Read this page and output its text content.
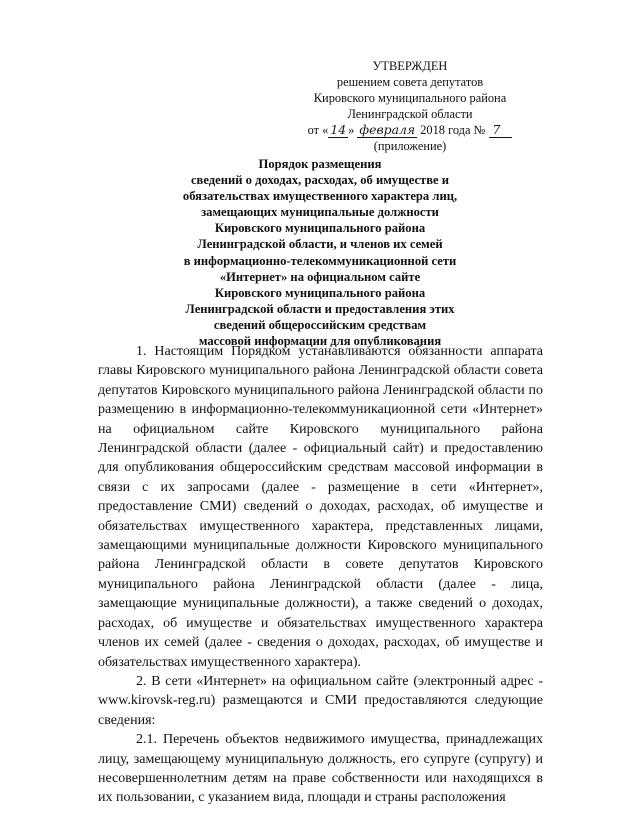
УТВЕРЖДЕН
решением совета депутатов
Кировского муниципального района
Ленинградской области
от « 14 » февраля 2018 года № 7
(приложение)
Порядок размещения
сведений о доходах, расходах, об имуществе и
обязательствах имущественного характера лиц,
замещающих муниципальные должности
Кировского муниципального района
Ленинградской области, и членов их семей
в информационно-телекоммуникационной сети
«Интернет» на официальном сайте
Кировского муниципального района
Ленинградской области и предоставления этих
сведений общероссийским средствам
массовой информации для опубликования

1. Настоящим Порядком устанавливаются обязанности аппарата главы Кировского муниципального района Ленинградской области совета депутатов Кировского муниципального района Ленинградской области по размещению в информационно-телекоммуникационной сети «Интернет» на официальном сайте Кировского муниципального района Ленинградской области (далее - официальный сайт) и предоставлению для опубликования общероссийским средствам массовой информации в связи с их запросами (далее - размещение в сети «Интернет», предоставление СМИ) сведений о доходах, расходах, об имуществе и обязательствах имущественного характера, представленных лицами, замещающими муниципальные должности Кировского муниципального района Ленинградской области в совете депутатов Кировского муниципального района Ленинградской области (далее - лица, замещающие муниципальные должности), а также сведений о доходах, расходах, об имуществе и обязательствах имущественного характера членов их семей (далее - сведения о доходах, расходах, об имуществе и обязательствах имущественного характера).

2. В сети «Интернет» на официальном сайте (электронный адрес - www.kirovsk-reg.ru) размещаются и СМИ предоставляются следующие сведения:

2.1. Перечень объектов недвижимого имущества, принадлежащих лицу, замещающему муниципальную должность, его супруге (супругу) и несовершеннолетним детям на праве собственности или находящихся в их пользовании, с указанием вида, площади и страны расположения
